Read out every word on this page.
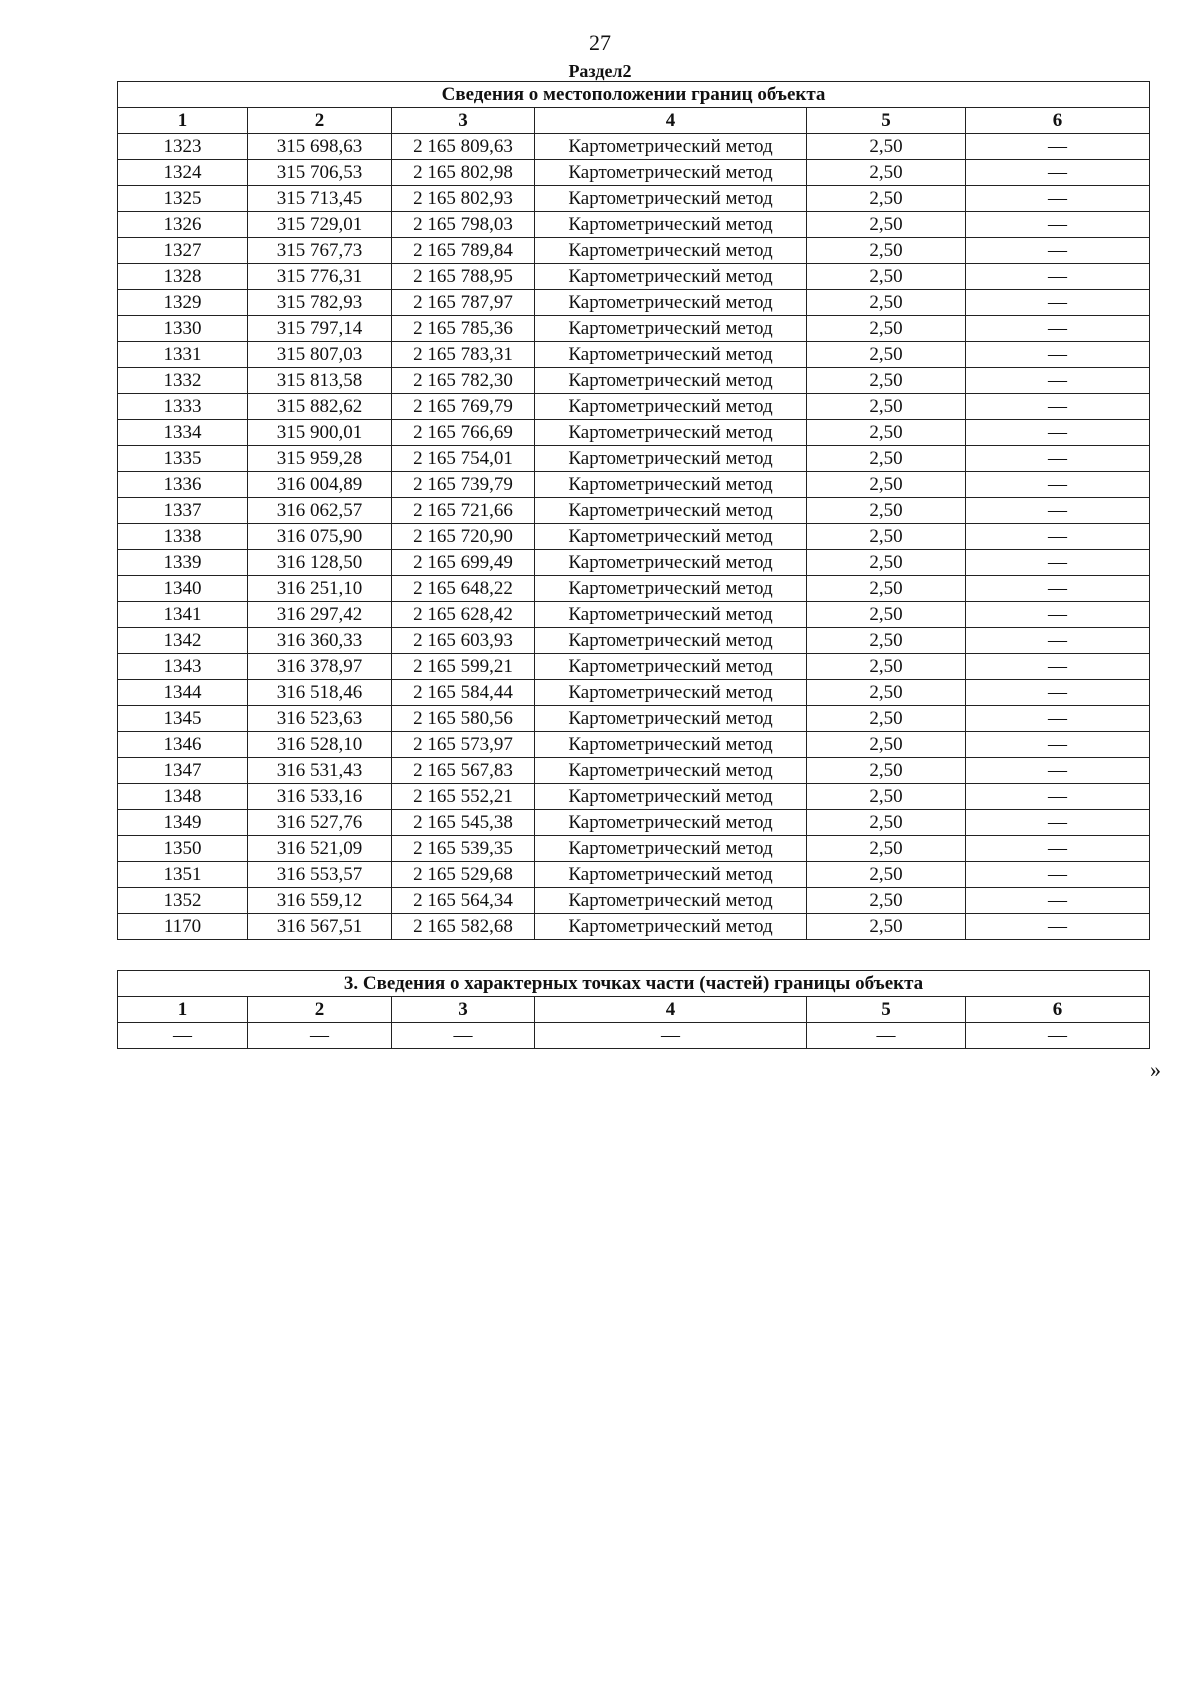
27
Раздел2
Сведения о местоположении границ объекта					
1	2	3	4	5	6
1323	315 698,63	2 165 809,63	Картометрический метод	2,50	—
1324	315 706,53	2 165 802,98	Картометрический метод	2,50	—
1325	315 713,45	2 165 802,93	Картометрический метод	2,50	—
1326	315 729,01	2 165 798,03	Картометрический метод	2,50	—
1327	315 767,73	2 165 789,84	Картометрический метод	2,50	—
1328	315 776,31	2 165 788,95	Картометрический метод	2,50	—
1329	315 782,93	2 165 787,97	Картометрический метод	2,50	—
1330	315 797,14	2 165 785,36	Картометрический метод	2,50	—
1331	315 807,03	2 165 783,31	Картометрический метод	2,50	—
1332	315 813,58	2 165 782,30	Картометрический метод	2,50	—
1333	315 882,62	2 165 769,79	Картометрический метод	2,50	—
1334	315 900,01	2 165 766,69	Картометрический метод	2,50	—
1335	315 959,28	2 165 754,01	Картометрический метод	2,50	—
1336	316 004,89	2 165 739,79	Картометрический метод	2,50	—
1337	316 062,57	2 165 721,66	Картометрический метод	2,50	—
1338	316 075,90	2 165 720,90	Картометрический метод	2,50	—
1339	316 128,50	2 165 699,49	Картометрический метод	2,50	—
1340	316 251,10	2 165 648,22	Картометрический метод	2,50	—
1341	316 297,42	2 165 628,42	Картометрический метод	2,50	—
1342	316 360,33	2 165 603,93	Картометрический метод	2,50	—
1343	316 378,97	2 165 599,21	Картометрический метод	2,50	—
1344	316 518,46	2 165 584,44	Картометрический метод	2,50	—
1345	316 523,63	2 165 580,56	Картометрический метод	2,50	—
1346	316 528,10	2 165 573,97	Картометрический метод	2,50	—
1347	316 531,43	2 165 567,83	Картометрический метод	2,50	—
1348	316 533,16	2 165 552,21	Картометрический метод	2,50	—
1349	316 527,76	2 165 545,38	Картометрический метод	2,50	—
1350	316 521,09	2 165 539,35	Картометрический метод	2,50	—
1351	316 553,57	2 165 529,68	Картометрический метод	2,50	—
1352	316 559,12	2 165 564,34	Картометрический метод	2,50	—
1170	316 567,51	2 165 582,68	Картометрический метод	2,50	—
3. Сведения о характерных точках части (частей) границы объекта					
1	2	3	4	5	6
—	—	—	—	—	—
»
